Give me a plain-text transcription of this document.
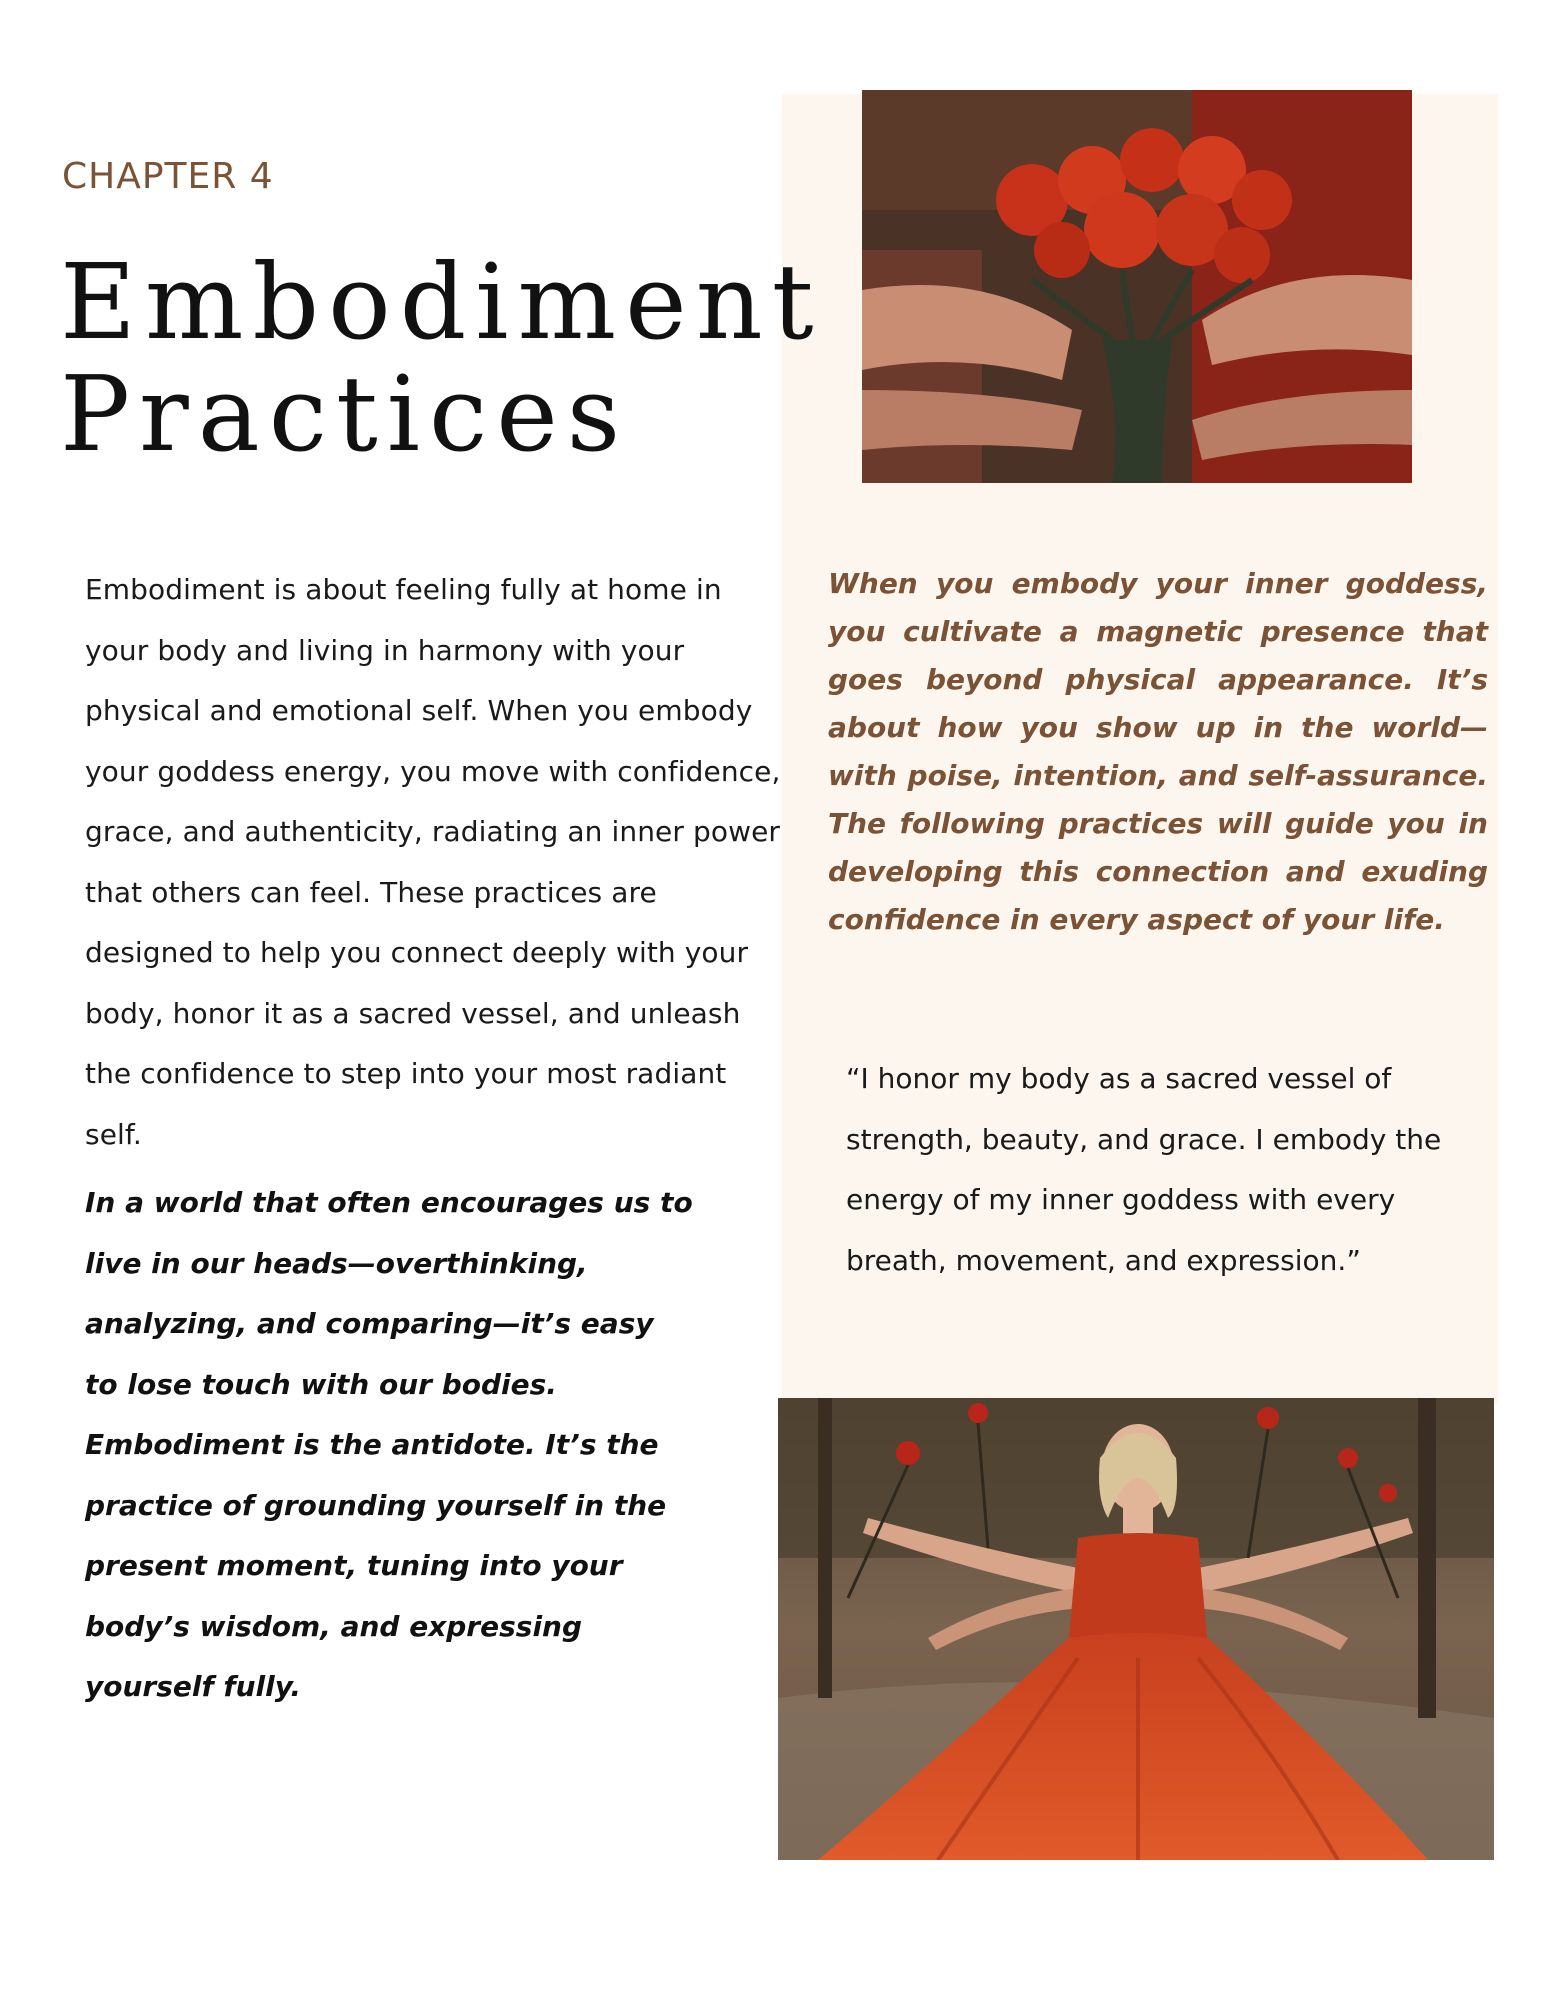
CHAPTER 4
Embodiment
Practices

Embodiment is about feeling fully at home in your body and living in harmony with your physical and emotional self. When you embody your goddess energy, you move with confidence, grace, and authenticity, radiating an inner power that others can feel. These practices are designed to help you connect deeply with your body, honor it as a sacred vessel, and unleash the confidence to step into your most radiant self.

In a world that often encourages us to live in our heads—overthinking, analyzing, and comparing—it’s easy to lose touch with our bodies. Embodiment is the antidote. It’s the practice of grounding yourself in the present moment, tuning into your body’s wisdom, and expressing yourself fully.

When you embody your inner goddess, you cultivate a magnetic presence that goes beyond physical appearance. It’s about how you show up in the world—with poise, intention, and self-assurance. The following practices will guide you in developing this connection and exuding confidence in every aspect of your life.

“I honor my body as a sacred vessel of strength, beauty, and grace. I embody the energy of my inner goddess with every breath, movement, and expression.”
